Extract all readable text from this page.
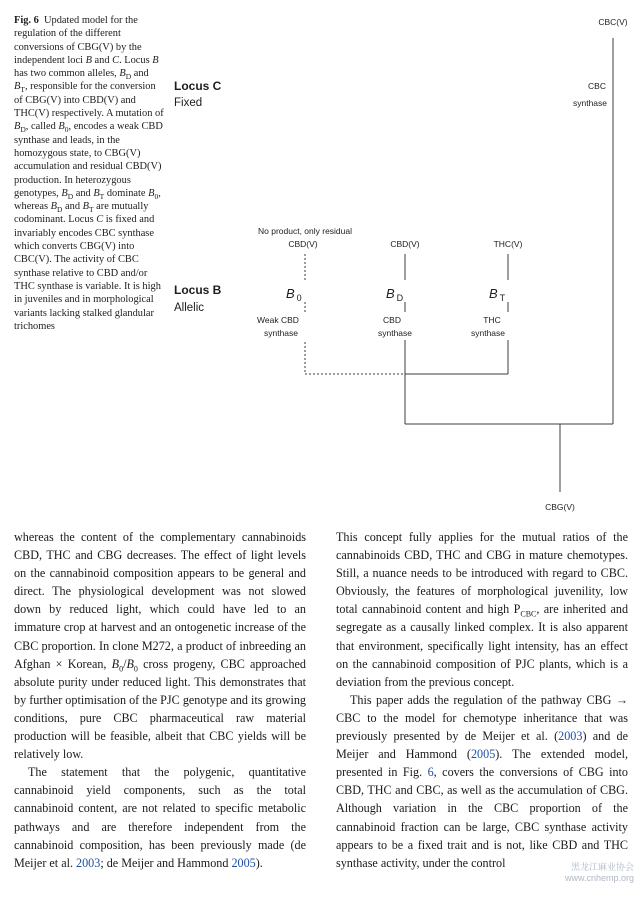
Fig. 6 Updated model for the regulation of the different conversions of CBG(V) by the independent loci B and C. Locus B has two common alleles, $B_D$ and $B_T$, responsible for the conversion of CBG(V) into CBD(V) and THC(V) respectively. A mutation of $B_D$, called $B_0$, encodes a weak CBD synthase and leads, in the homozygous state, to CBG(V) accumulation and residual CBD(V) production. In heterozygous genotypes, $B_D$ and $B_T$ dominate $B_0$, whereas $B_D$ and $B_T$ are mutually codominant. Locus C is fixed and invariably encodes CBC synthase which converts CBG(V) into CBC(V). The activity of CBC synthase relative to CBD and/or THC synthase is variable. It is high in juveniles and in morphological variants lacking stalked glandular trichomes
CBC(V)
CBC
synthase
Locus C
Fixed
Locus B
Allelic
No product, only residual
CBD(V)	CBD(V)	THC(V)
B $_0$	B $_D$	B $_T$
Weak CBD
synthase
CBD
synthase
THC
synthase
CBG(V)

whereas the content of the complementary cannabinoids CBD, THC and CBG decreases. The effect of light levels on the cannabinoid composition appears to be general and direct. The physiological development was not slowed down by reduced light, which could have led to an immature crop at harvest and an ontogenetic increase of the CBC proportion. In clone M272, a product of inbreeding an Afghan × Korean, $B_0/B_0$ cross progeny, CBC approached absolute purity under reduced light. This demonstrates that by further optimisation of the PJC genotype and its growing conditions, pure CBC pharmaceutical raw material production will be feasible, albeit that CBC yields will be relatively low.

The statement that the polygenic, quantitative cannabinoid yield components, such as the total cannabinoid content, are not related to specific metabolic pathways and are therefore independent from the cannabinoid composition, has been previously made (de Meijer et al. 2003; de Meijer and Hammond 2005).

This concept fully applies for the mutual ratios of the cannabinoids CBD, THC and CBG in mature chemotypes. Still, a nuance needs to be introduced with regard to CBC. Obviously, the features of morphological juvenility, low total cannabinoid content and high $P_{CBC}$, are inherited and segregate as a causally linked complex. It is also apparent that environment, specifically light intensity, has an effect on the cannabinoid composition of PJC plants, which is a deviation from the previous concept.

This paper adds the regulation of the pathway CBG → CBC to the model for chemotype inheritance that was previously presented by de Meijer et al. (2003) and de Meijer and Hammond (2005). The extended model, presented in Fig. 6, covers the conversions of CBG into CBD, THC and CBC, as well as the accumulation of CBG. Although variation in the CBC proportion of the cannabinoid fraction can be large, CBC synthase activity appears to be a fixed trait and is not, like CBD and THC synthase activity, under the control	黑龙江麻业协会
www.cnhemp.org
